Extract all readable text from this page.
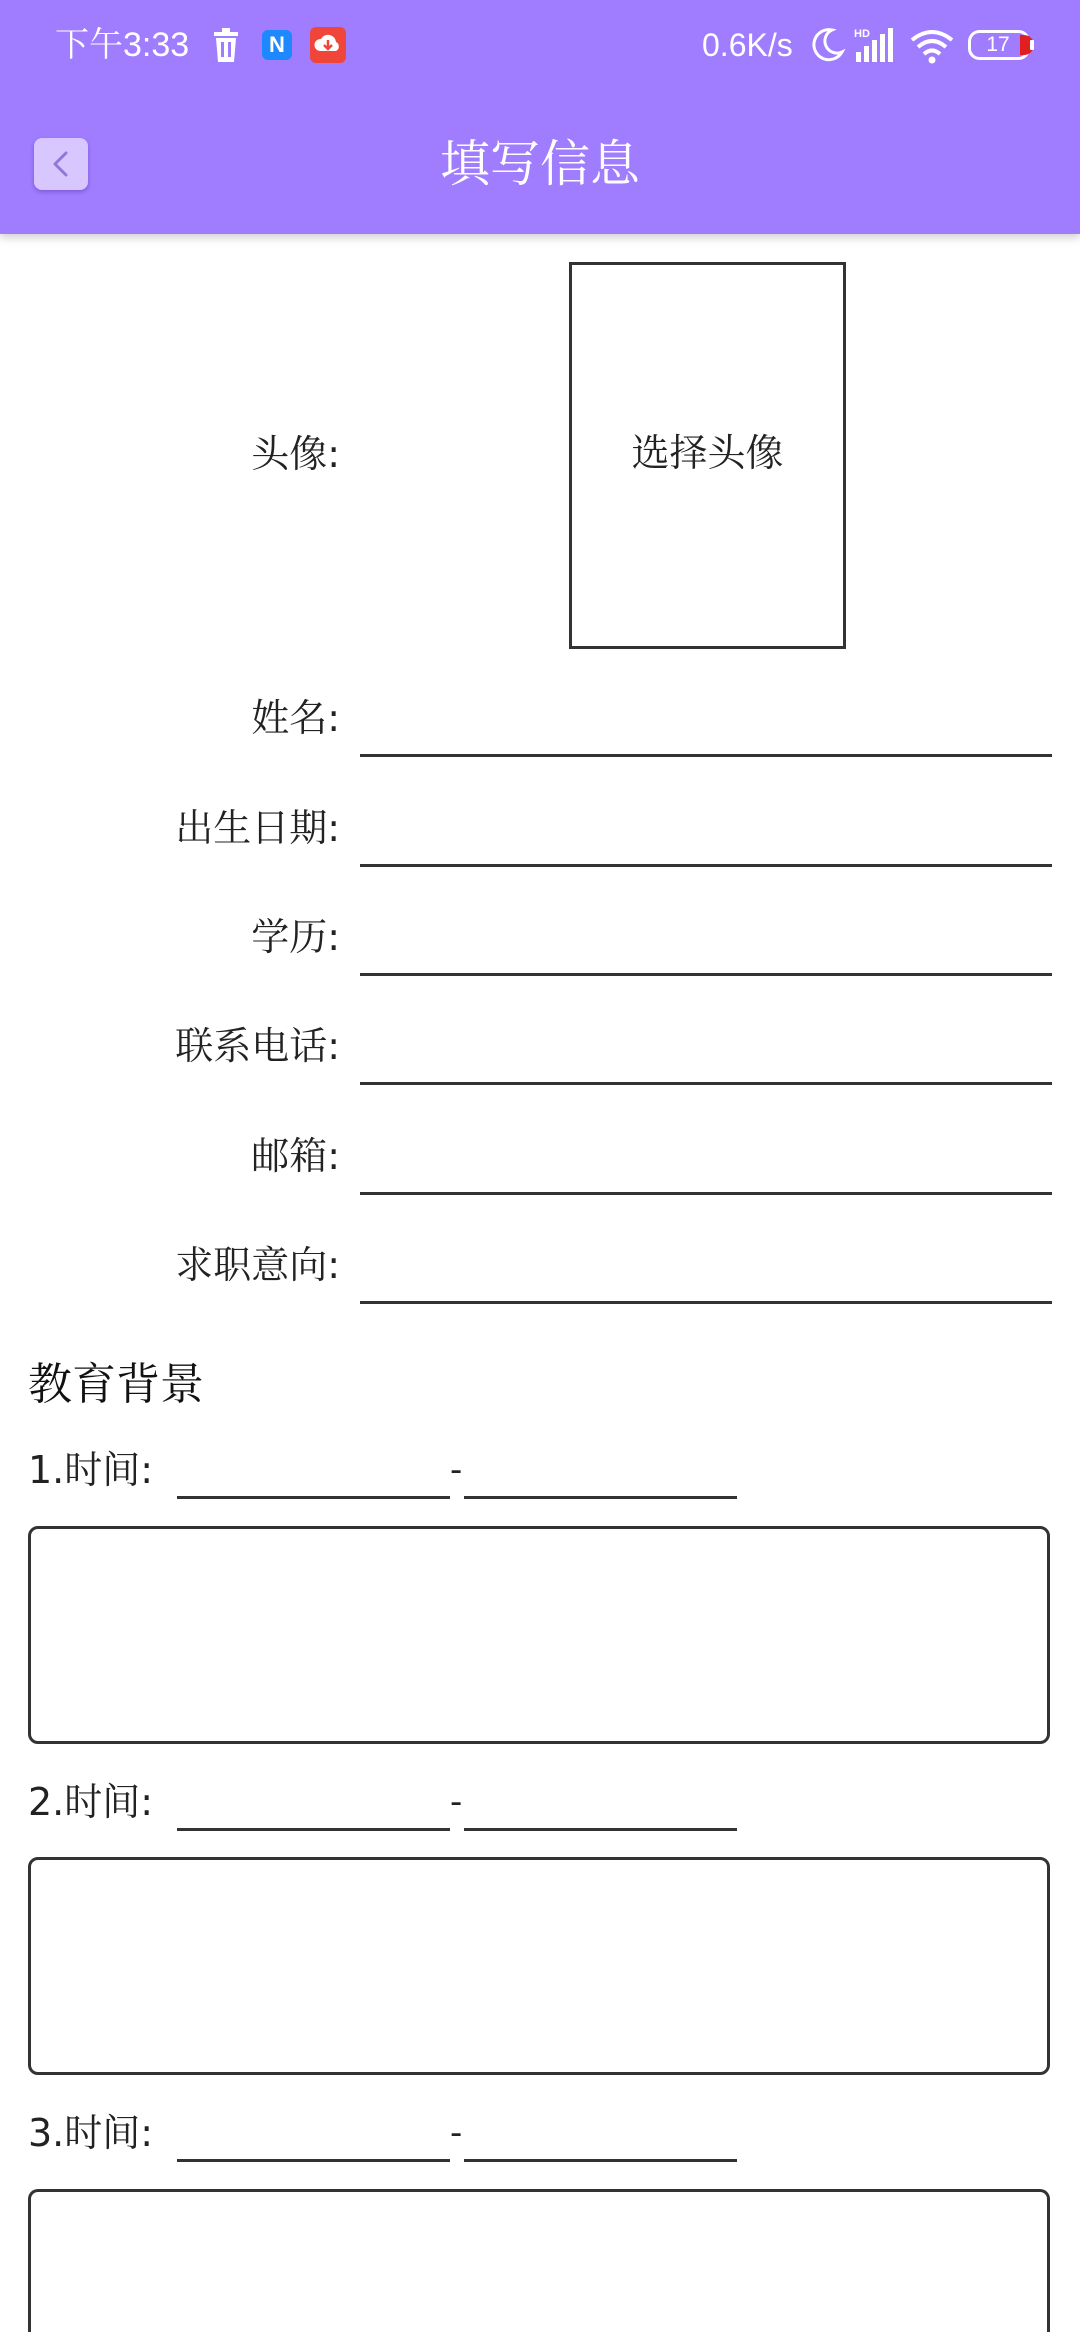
下午3:33	N	0.6K/s	HD	17
填写信息
头像:	选择头像
姓名:
出生日期:
学历:
联系电话:
邮箱:
求职意向:
教育背景
1.时间:	-
2.时间:	-
3.时间:	-
